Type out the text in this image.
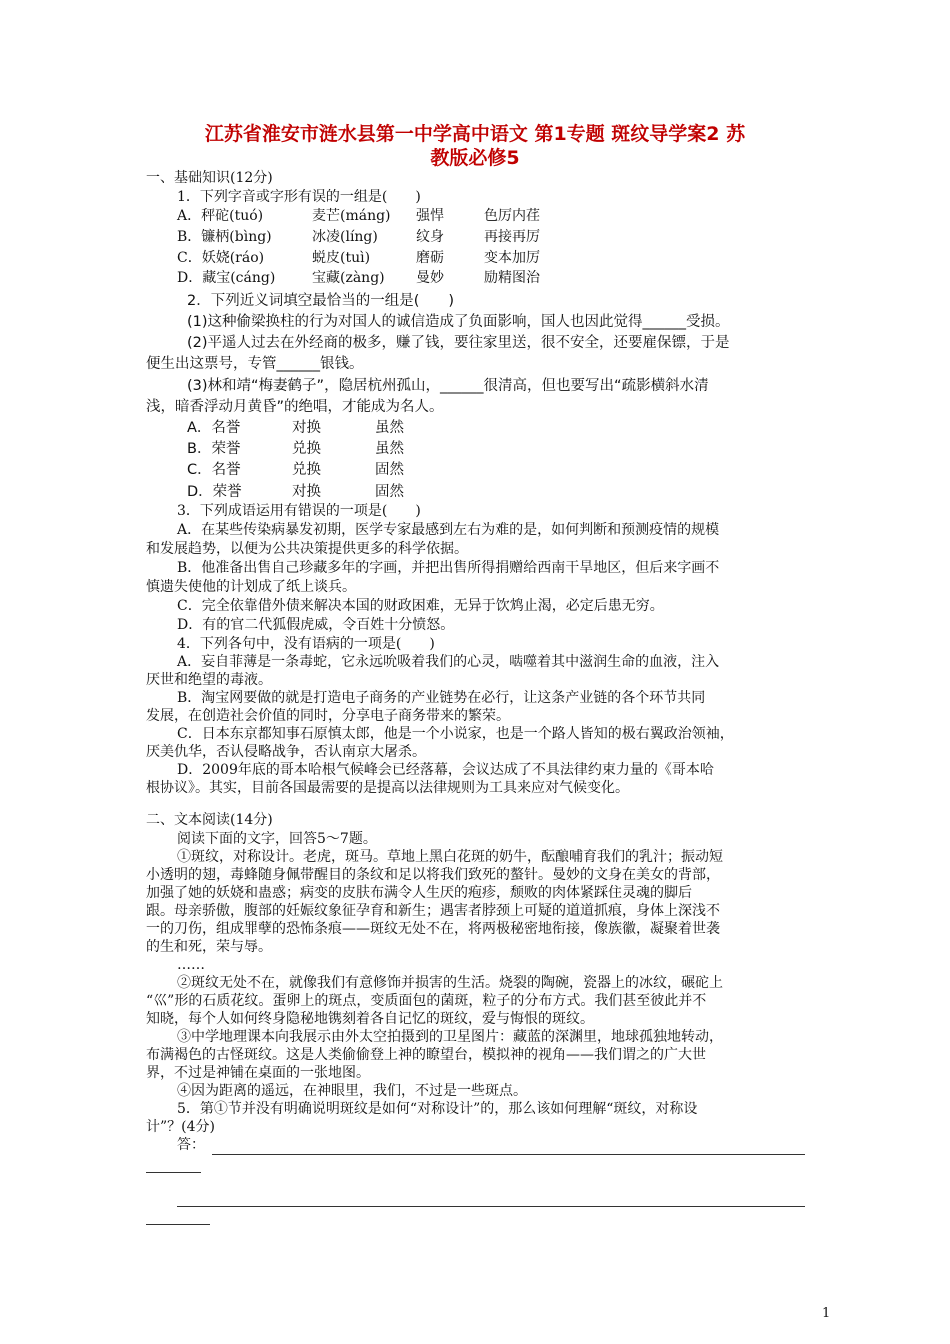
江苏省淮安市涟水县第一中学高中语文 第1专题 斑纹导学案2 苏
教版必修5
一、基础知识(12分)
1．下列字音或字形有误的一组是(　　)
A．秤砣(tuó)	麦芒(máng) 强悍	色厉内荏
B．镰柄(bìng)	冰凌(líng)	纹身	再接再厉
C．妖娆(ráo)	蜕皮(tuì)	磨砺	变本加厉
D．藏宝(cáng)	宝藏(zàng) 曼妙	励精图治
2．下列近义词填空最恰当的一组是(　　)
(1)这种偷梁换柱的行为对国人的诚信造成了负面影响，国人也因此觉得______受损。
(2)平遥人过去在外经商的极多，赚了钱，要往家里送，很不安全，还要雇保镖，于是
便生出这票号，专管______银钱。
(3)林和靖“梅妻鹤子”，隐居杭州孤山，______很清高，但也要写出“疏影横斜水清
浅，暗香浮动月黄昏”的绝唱，才能成为名人。
A．名誉	对换	虽然
B．荣誉	兑换	虽然
C．名誉	兑换	固然
D．荣誉	对换	固然
3．下列成语运用有错误的一项是(　　)
A．在某些传染病暴发初期，医学专家最感到左右为难的是，如何判断和预测疫情的规模
和发展趋势，以便为公共决策提供更多的科学依据。
B．他准备出售自己珍藏多年的字画，并把出售所得捐赠给西南干旱地区，但后来字画不
慎遗失使他的计划成了纸上谈兵。
C．完全依靠借外债来解决本国的财政困难，无异于饮鸩止渴，必定后患无穷。
D．有的官二代狐假虎威，令百姓十分愤怒。
4．下列各句中，没有语病的一项是(　　)
A．妄自菲薄是一条毒蛇，它永远吮吸着我们的心灵，啮噬着其中滋润生命的血液，注入
厌世和绝望的毒液。
B．淘宝网要做的就是打造电子商务的产业链势在必行，让这条产业链的各个环节共同
发展，在创造社会价值的同时，分享电子商务带来的繁荣。
C．日本东京都知事石原慎太郎，他是一个小说家，也是一个路人皆知的极右翼政治领袖，
厌美仇华，否认侵略战争，否认南京大屠杀。
D．2009年底的哥本哈根气候峰会已经落幕，会议达成了不具法律约束力量的《哥本哈
根协议》。其实，目前各国最需要的是提高以法律规则为工具来应对气候变化。
二、文本阅读(14分)
阅读下面的文字，回答5～7题。
①斑纹，对称设计。老虎，斑马。草地上黑白花斑的奶牛，酝酿哺育我们的乳汁；振动短
小透明的翅，毒蜂随身佩带醒目的条纹和足以将我们致死的螯针。曼妙的文身在美女的背部，
加强了她的妖娆和蛊惑；病变的皮肤布满令人生厌的疱疹，颓败的肉体紧踩住灵魂的脚后
跟。母亲骄傲，腹部的妊娠纹象征孕育和新生；遇害者脖颈上可疑的道道抓痕，身体上深浅不
一的刀伤，组成罪孽的恐怖条痕——斑纹无处不在，将两极秘密地衔接，像族徽，凝聚着世袭
的生和死，荣与辱。
……
②斑纹无处不在，就像我们有意修饰并损害的生活。烧裂的陶碗，瓷器上的冰纹，碾砣上
“巛”形的石质花纹。蛋卵上的斑点，变质面包的菌斑，粒子的分布方式。我们甚至彼此并不
知晓，每个人如何终身隐秘地镌刻着各自记忆的斑纹，爱与悔恨的斑纹。
③中学地理课本向我展示由外太空拍摄到的卫星图片：藏蓝的深渊里，地球孤独地转动，
布满褐色的古怪斑纹。这是人类偷偷登上神的瞭望台，模拟神的视角——我们谓之的广大世
界，不过是神铺在桌面的一张地图。
④因为距离的遥远，在神眼里，我们，不过是一些斑点。
5．第①节并没有明确说明斑纹是如何“对称设计”的，那么该如何理解“斑纹，对称设
计”？(4分)
答：
1
